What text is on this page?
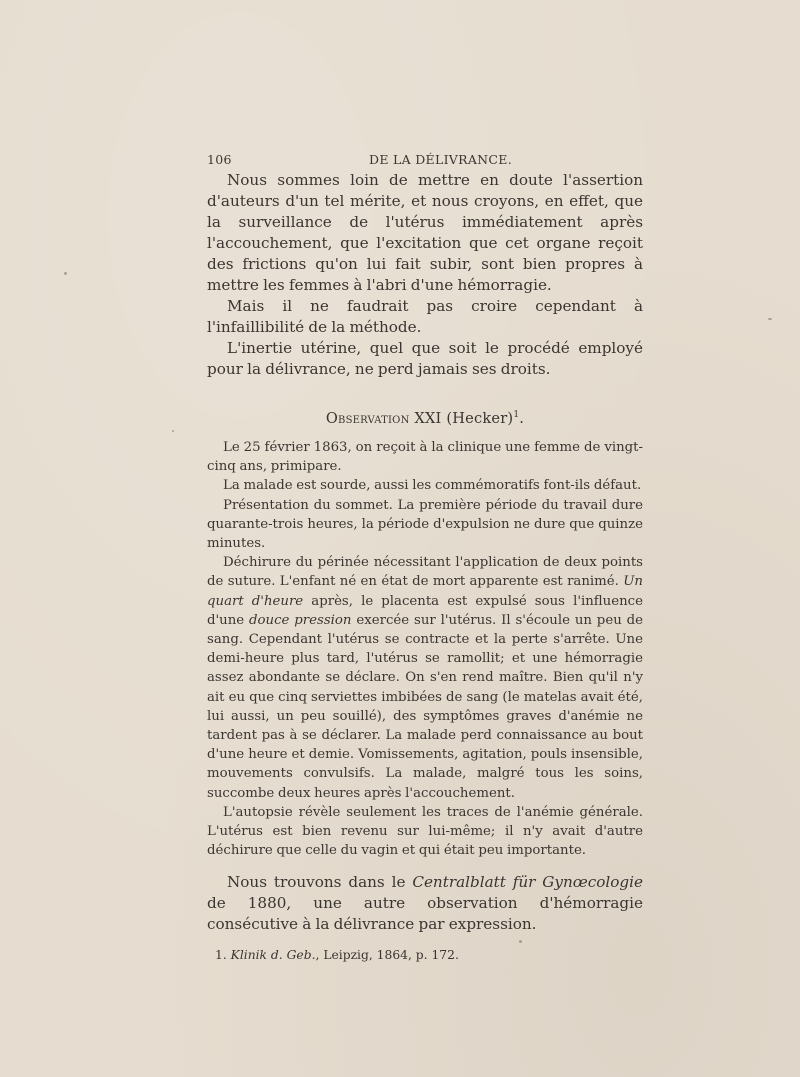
106	DE LA DÉLIVRANCE.

Nous sommes loin de mettre en doute l'assertion d'auteurs d'un tel mérite, et nous croyons, en effet, que la surveillance de l'utérus immédiatement après l'accouchement, que l'excitation que cet organe reçoit des frictions qu'on lui fait subir, sont bien propres à mettre les femmes à l'abri d'une hémorragie.

Mais il ne faudrait pas croire cependant à l'infaillibilité de la méthode.

L'inertie utérine, quel que soit le procédé employé pour la délivrance, ne perd jamais ses droits.

Observation XXI (Hecker)$^1$.

Le 25 février 1863, on reçoit à la clinique une femme de vingt-cinq ans, primipare.

La malade est sourde, aussi les commémoratifs font-ils défaut.

Présentation du sommet. La première période du travail dure quarante-trois heures, la période d'expulsion ne dure que quinze minutes.

Déchirure du périnée nécessitant l'application de deux points de suture. L'enfant né en état de mort apparente est ranimé. Un quart d'heure après, le placenta est expulsé sous l'influence d'une douce pression exercée sur l'utérus. Il s'écoule un peu de sang. Cependant l'utérus se contracte et la perte s'arrête. Une demi-heure plus tard, l'utérus se ramollit; et une hémorragie assez abondante se déclare. On s'en rend maître. Bien qu'il n'y ait eu que cinq serviettes imbibées de sang (le matelas avait été, lui aussi, un peu souillé), des symptômes graves d'anémie ne tardent pas à se déclarer. La malade perd connaissance au bout d'une heure et demie. Vomissements, agitation, pouls insensible, mouvements convulsifs. La malade, malgré tous les soins, succombe deux heures après l'accouchement.

L'autopsie révèle seulement les traces de l'anémie générale. L'utérus est bien revenu sur lui-même; il n'y avait d'autre déchirure que celle du vagin et qui était peu importante.

Nous trouvons dans le Centralblatt für Gynœcologie de 1880, une autre observation d'hémorragie consécutive à la délivrance par expression.

1. Klinik d. Geb., Leipzig, 1864, p. 172.
